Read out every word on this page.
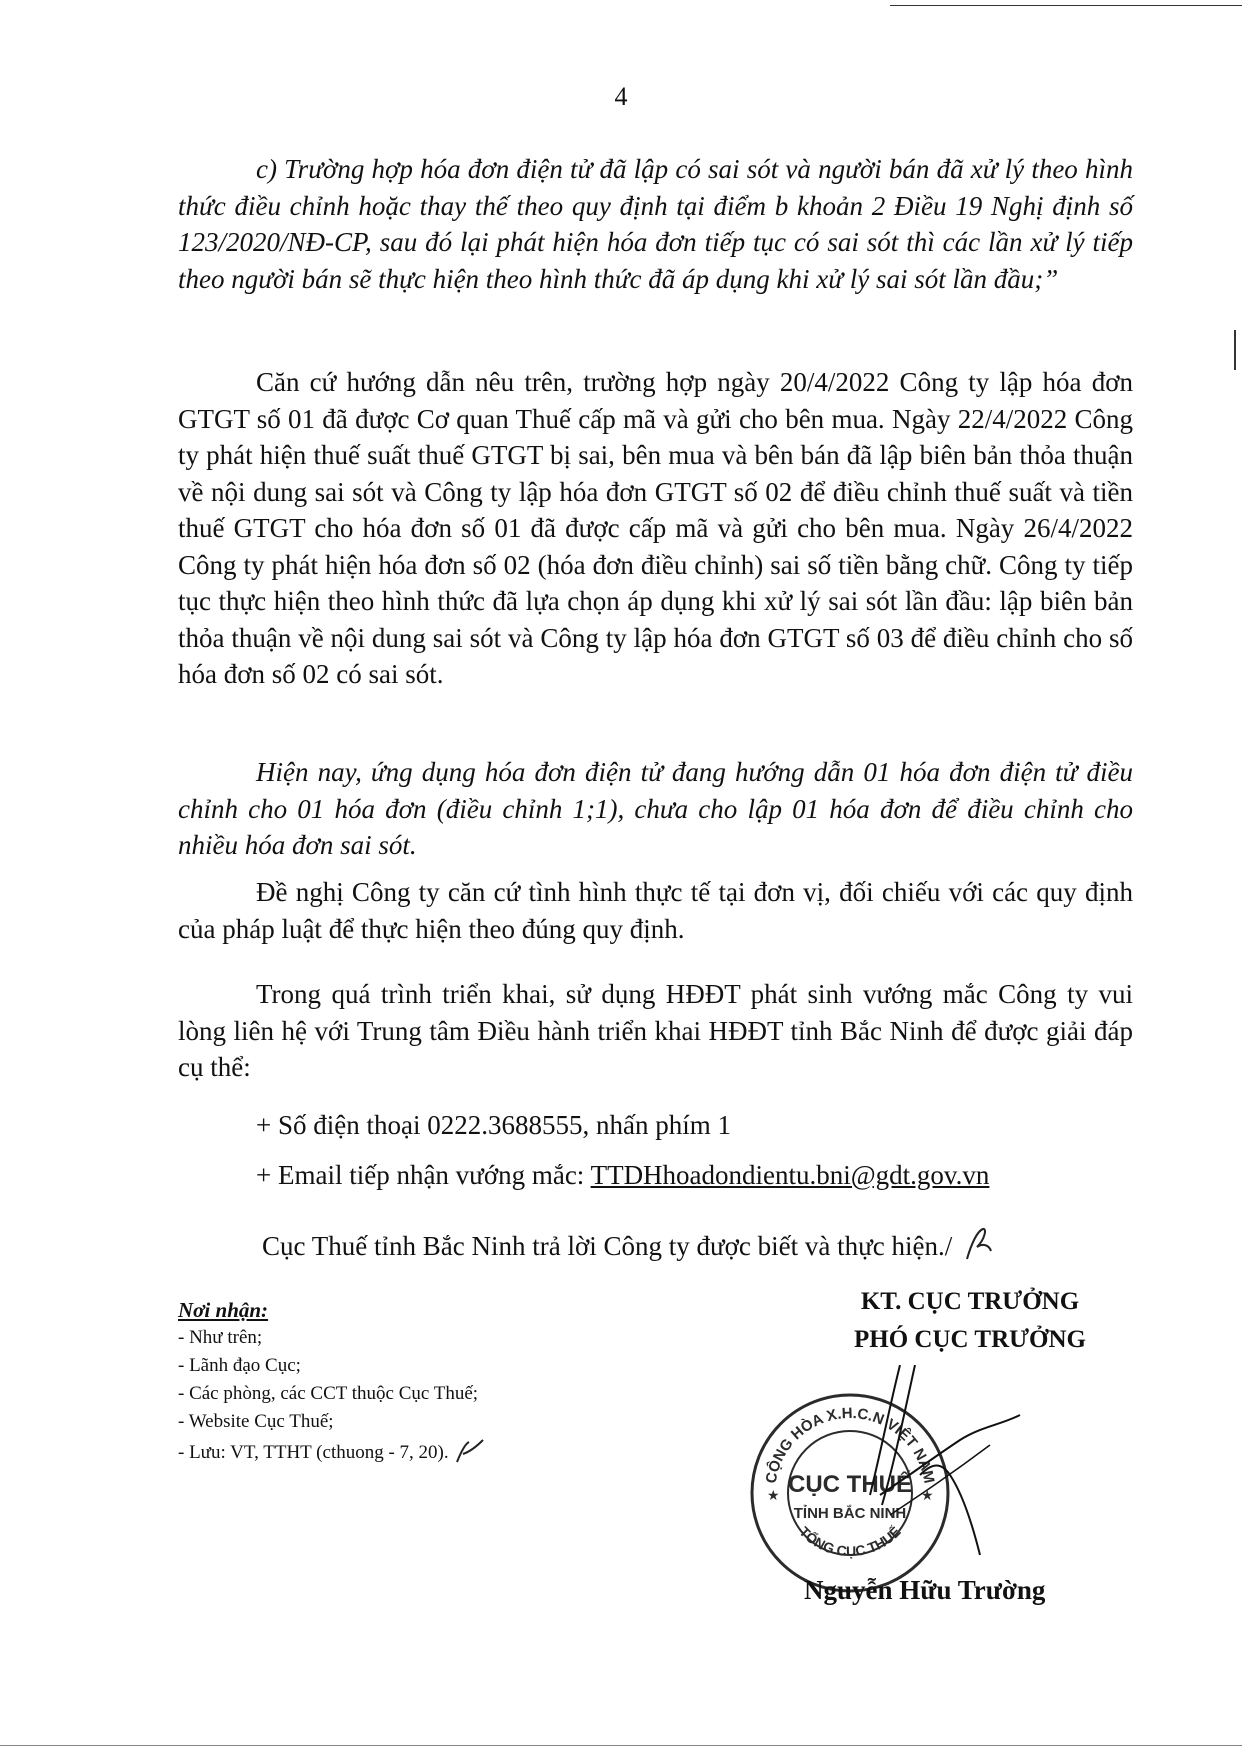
4

c) Trường hợp hóa đơn điện tử đã lập có sai sót và người bán đã xử lý theo hình thức điều chỉnh hoặc thay thế theo quy định tại điểm b khoản 2 Điều 19 Nghị định số 123/2020/NĐ-CP, sau đó lại phát hiện hóa đơn tiếp tục có sai sót thì các lần xử lý tiếp theo người bán sẽ thực hiện theo hình thức đã áp dụng khi xử lý sai sót lần đầu;”

Căn cứ hướng dẫn nêu trên, trường hợp ngày 20/4/2022 Công ty lập hóa đơn GTGT số 01 đã được Cơ quan Thuế cấp mã và gửi cho bên mua. Ngày 22/4/2022 Công ty phát hiện thuế suất thuế GTGT bị sai, bên mua và bên bán đã lập biên bản thỏa thuận về nội dung sai sót và Công ty lập hóa đơn GTGT số 02 để điều chỉnh thuế suất và tiền thuế GTGT cho hóa đơn số 01 đã được cấp mã và gửi cho bên mua. Ngày 26/4/2022 Công ty phát hiện hóa đơn số 02 (hóa đơn điều chỉnh) sai số tiền bằng chữ. Công ty tiếp tục thực hiện theo hình thức đã lựa chọn áp dụng khi xử lý sai sót lần đầu: lập biên bản thỏa thuận về nội dung sai sót và Công ty lập hóa đơn GTGT số 03 để điều chỉnh cho số hóa đơn số 02 có sai sót.

Hiện nay, ứng dụng hóa đơn điện tử đang hướng dẫn 01 hóa đơn điện tử điều chỉnh cho 01 hóa đơn (điều chỉnh 1;1), chưa cho lập 01 hóa đơn để điều chỉnh cho nhiều hóa đơn sai sót.

Đề nghị Công ty căn cứ tình hình thực tế tại đơn vị, đối chiếu với các quy định của pháp luật để thực hiện theo đúng quy định.

Trong quá trình triển khai, sử dụng HĐĐT phát sinh vướng mắc Công ty vui lòng liên hệ với Trung tâm Điều hành triển khai HĐĐT tỉnh Bắc Ninh để được giải đáp cụ thể:

+ Số điện thoại 0222.3688555, nhấn phím 1
+ Email tiếp nhận vướng mắc: TTDHhoadondientu.bni@gdt.gov.vn
Cục Thuế tỉnh Bắc Ninh trả lời Công ty được biết và thực hiện./
Nơi nhận:
- Như trên;
- Lãnh đạo Cục;
- Các phòng, các CCT thuộc Cục Thuế;
- Website Cục Thuế;
- Lưu: VT, TTHT (cthuong - 7, 20).
KT. CỤC TRƯỞNG
PHÓ CỤC TRƯỞNG
CỘNG HÒA X.H.C.N VIỆT NAM
TỔNG CỤC THUẾ
CỤC THUẾ
TỈNH BẮC NINH
★	★
Nguyễn Hữu Trường
